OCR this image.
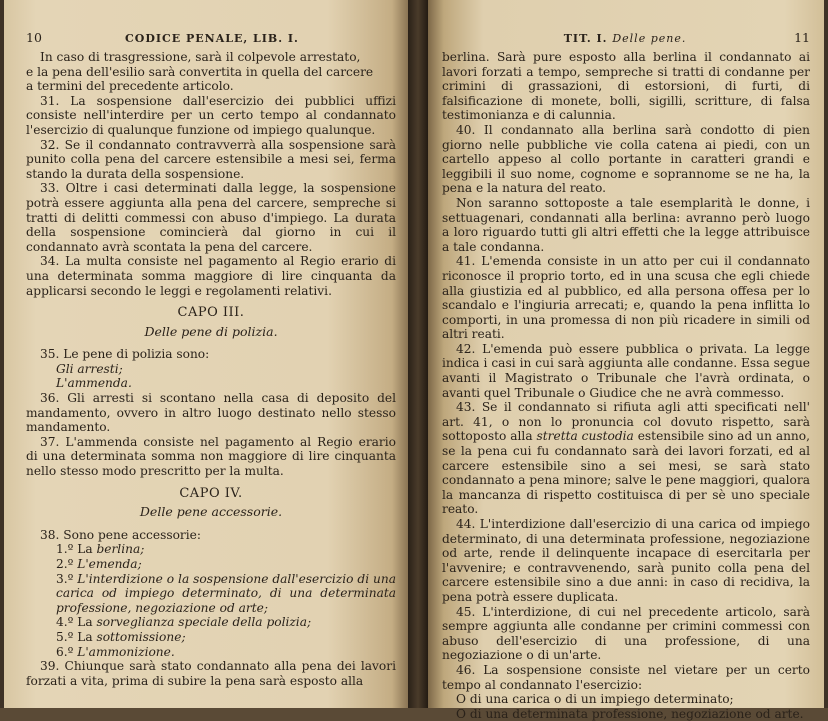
10	CODICE PENALE, LIB. I.

In caso di trasgressione, sarà il colpevole arrestato,

e la pena dell'esilio sarà convertita in quella del carcere

a termini del precedente articolo.

31. La sospensione dall'esercizio dei pubblici uffizi consiste nell'interdire per un certo tempo al condannato l'esercizio di qualunque funzione od impiego qualunque.

32. Se il condannato contravverrà alla sospensione sarà punito colla pena del carcere estensibile a mesi sei, ferma stando la durata della sospensione.

33. Oltre i casi determinati dalla legge, la sospensione potrà essere aggiunta alla pena del carcere, sempreche si tratti di delitti commessi con abuso d'impiego. La durata della sospensione comincierà dal giorno in cui il condannato avrà scontata la pena del carcere.

34. La multa consiste nel pagamento al Regio erario di una determinata somma maggiore di lire cinquanta da applicarsi secondo le leggi e regolamenti relativi.

CAPO III.
Delle pene di polizia.

35. Le pene di polizia sono:

Gli arresti;

L'ammenda.

36. Gli arresti si scontano nella casa di deposito del mandamento, ovvero in altro luogo destinato nello stesso mandamento.

37. L'ammenda consiste nel pagamento al Regio erario di una determinata somma non maggiore di lire cinquanta nello stesso modo prescritto per la multa.

CAPO IV.
Delle pene accessorie.

38. Sono pene accessorie:

1.º La berlina;

2.º L'emenda;

3.º L'interdizione o la sospensione dall'esercizio di una carica od impiego determinato, di una determinata professione, negoziazione od arte;

4.º La sorveglianza speciale della polizia;

5.º La sottomissione;

6.º L'ammonizione.

39. Chiunque sarà stato condannato alla pena dei lavori forzati a vita, prima di subire la pena sarà esposto alla

TIT. I. Delle pene.	11

berlina. Sarà pure esposto alla berlina il condannato ai lavori forzati a tempo, sempreche si tratti di condanne per crimini di grassazioni, di estorsioni, di furti, di falsificazione di monete, bolli, sigilli, scritture, di falsa testimonianza e di calunnia.

40. Il condannato alla berlina sarà condotto di pien giorno nelle pubbliche vie colla catena ai piedi, con un cartello appeso al collo portante in caratteri grandi e leggibili il suo nome, cognome e soprannome se ne ha, la pena e la natura del reato.

Non saranno sottoposte a tale esemplarità le donne, i settuagenari, condannati alla berlina: avranno però luogo a loro riguardo tutti gli altri effetti che la legge attribuisce a tale condanna.

41. L'emenda consiste in un atto per cui il condannato riconosce il proprio torto, ed in una scusa che egli chiede alla giustizia ed al pubblico, ed alla persona offesa per lo scandalo e l'ingiuria arrecati; e, quando la pena inflitta lo comporti, in una promessa di non più ricadere in simili od altri reati.

42. L'emenda può essere pubblica o privata. La legge indica i casi in cui sarà aggiunta alle condanne. Essa segue avanti il Magistrato o Tribunale che l'avrà ordinata, o avanti quel Tribunale o Giudice che ne avrà commesso.

43. Se il condannato si rifiuta agli atti specificati nell' art. 41, o non lo pronuncia col dovuto rispetto, sarà sottoposto alla stretta custodia estensibile sino ad un anno, se la pena cui fu condannato sarà dei lavori forzati, ed al carcere estensibile sino a sei mesi, se sarà stato condannato a pena minore; salve le pene maggiori, qualora la mancanza di rispetto costituisca di per sè uno speciale reato.

44. L'interdizione dall'esercizio di una carica od impiego determinato, di una determinata professione, negoziazione od arte, rende il delinquente incapace di esercitarla per l'avvenire; e contravvenendo, sarà punito colla pena del carcere estensibile sino a due anni: in caso di recidiva, la pena potrà essere duplicata.

45. L'interdizione, di cui nel precedente articolo, sarà sempre aggiunta alle condanne per crimini commessi con abuso dell'esercizio di una professione, di una negoziazione o di un'arte.

46. La sospensione consiste nel vietare per un certo tempo al condannato l'esercizio:

O di una carica o di un impiego determinato;

O di una determinata professione, negoziazione od arte.
